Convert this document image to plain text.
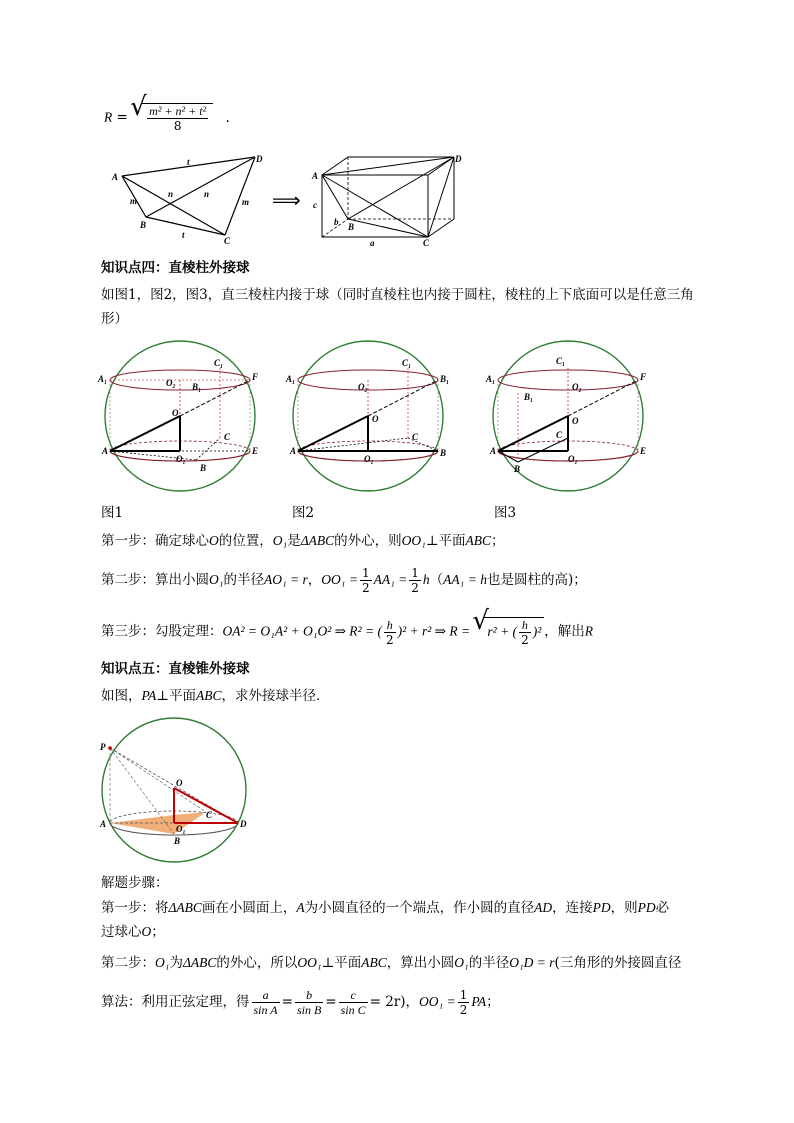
R = √ $\frac{\text{m² + n² + t²}}{8}$ .
A
B
C
D
t
n	n
m	m
t
⟹
A
B
C
D
c
b
a
知识点四：直棱柱外接球
如图1，图2，图3，直三棱柱内接于球（同时直棱柱也内接于圆柱，棱柱的上下底面可以是任意三角
形）
A₁	O₂ B₁
C₁
F
O
C
A
O₁
B
E
A₁
O₂
C₁
B₁
O
C
A
O₁
B
A₁
C₁
O₂
B₁
F
O
C
A
O₁
B
E
图1	图2	图3
第一步：确定球心O的位置，O₁是ΔABC的外心，则OO₁⊥平面ABC；
第二步：算出小圆O₁的半径AO₁ = r，$OO_1 = \frac{1}{2} AA_1 = \frac{1}{2} h(AA_1 = h$也是圆柱的高)；
第三步：勾股定理：OA² = O₁A² + O₁O² ⇒ R² = ( $\frac{h}{2} )^2 + r^2$ ⇒ R = √ r² + ( $\frac{h}{2} )^2$ ，解出R
知识点五：直棱锥外接球
如图，PA⊥平面ABC，求外接球半径．
P
O
C
A	O₁
B
D
解题步骤：
第一步：将ΔABC画在小圆面上，A为小圆直径的一个端点，作小圆的直径AD，连接PD，则PD必
过球心O；
第二步：O₁为ΔABC的外心，所以OO₁⊥平面ABC，算出小圆O₁的半径O₁D = r(三角形的外接圆直径
算法：利用正弦定理，得 $\frac{a}{\text{sin A}} = \frac{b}{\text{sin B}} = \frac{c}{\text{sin C}} = 2r$)，$OO_1 = \frac{1}{2}$ PA；
